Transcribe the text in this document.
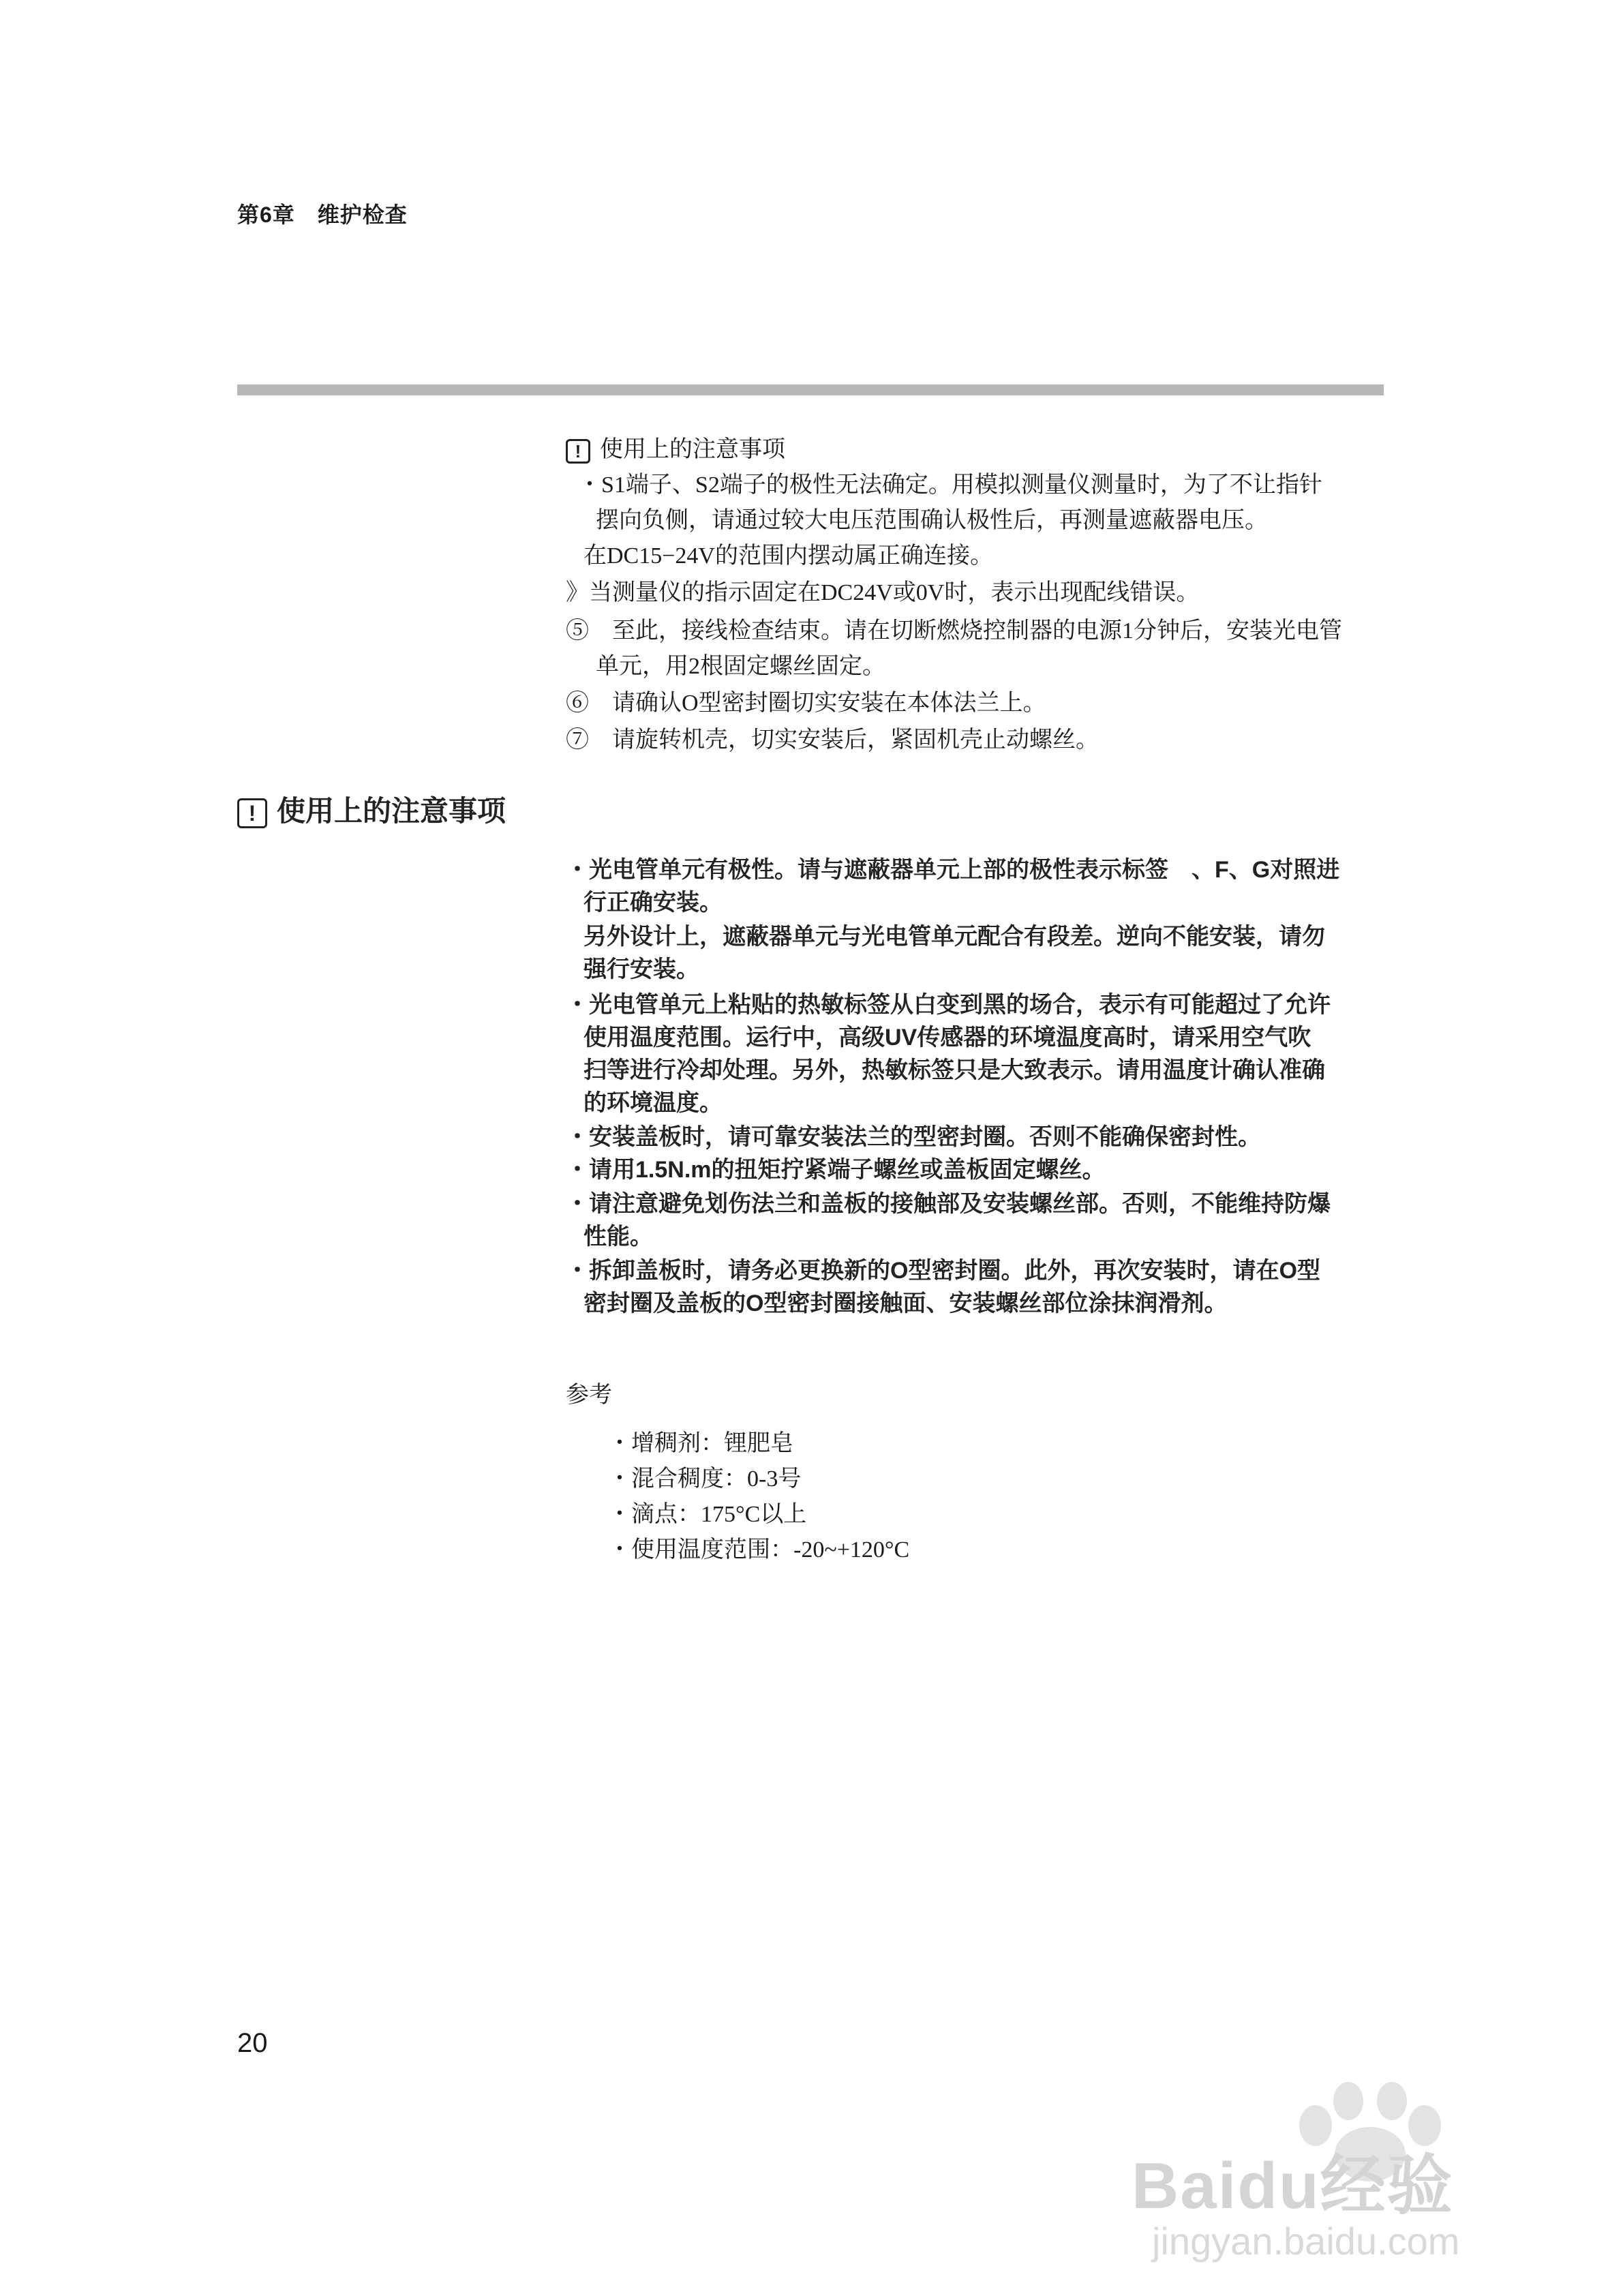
第6章　维护检查
! 使用上的注意事项
・S1端子、S2端子的极性无法确定。用模拟测量仪测量时，为了不让指针
摆向负侧，请通过较大电压范围确认极性后，再测量遮蔽器电压。
在DC15−24V的范围内摆动属正确连接。
》当测量仪的指示固定在DC24V或0V时，表示出现配线错误。
⑤　至此，接线检查结束。请在切断燃烧控制器的电源1分钟后，安装光电管
单元，用2根固定螺丝固定。
⑥　请确认O型密封圈切实安装在本体法兰上。
⑦　请旋转机壳，切实安装后，紧固机壳止动螺丝。
! 使用上的注意事项
・光电管单元有极性。请与遮蔽器单元上部的极性表示标签　、F、G对照进
行正确安装。
另外设计上，遮蔽器单元与光电管单元配合有段差。逆向不能安装，请勿
强行安装。
・光电管单元上粘贴的热敏标签从白变到黑的场合，表示有可能超过了允许
使用温度范围。运行中，高级UV传感器的环境温度高时，请采用空气吹
扫等进行冷却处理。另外，热敏标签只是大致表示。请用温度计确认准确
的环境温度。
・安装盖板时，请可靠安装法兰的型密封圈。否则不能确保密封性。
・请用1.5N.m的扭矩拧紧端子螺丝或盖板固定螺丝。
・请注意避免划伤法兰和盖板的接触部及安装螺丝部。否则，不能维持防爆
性能。
・拆卸盖板时，请务必更换新的O型密封圈。此外，再次安装时，请在O型
密封圈及盖板的O型密封圈接触面、安装螺丝部位涂抹润滑剂。
参考
・增稠剂：锂肥皂
・混合稠度：0-3号
・滴点：175°C以上
・使用温度范围：-20~+120°C
20
Baidu经验
jingyan.baidu.com
